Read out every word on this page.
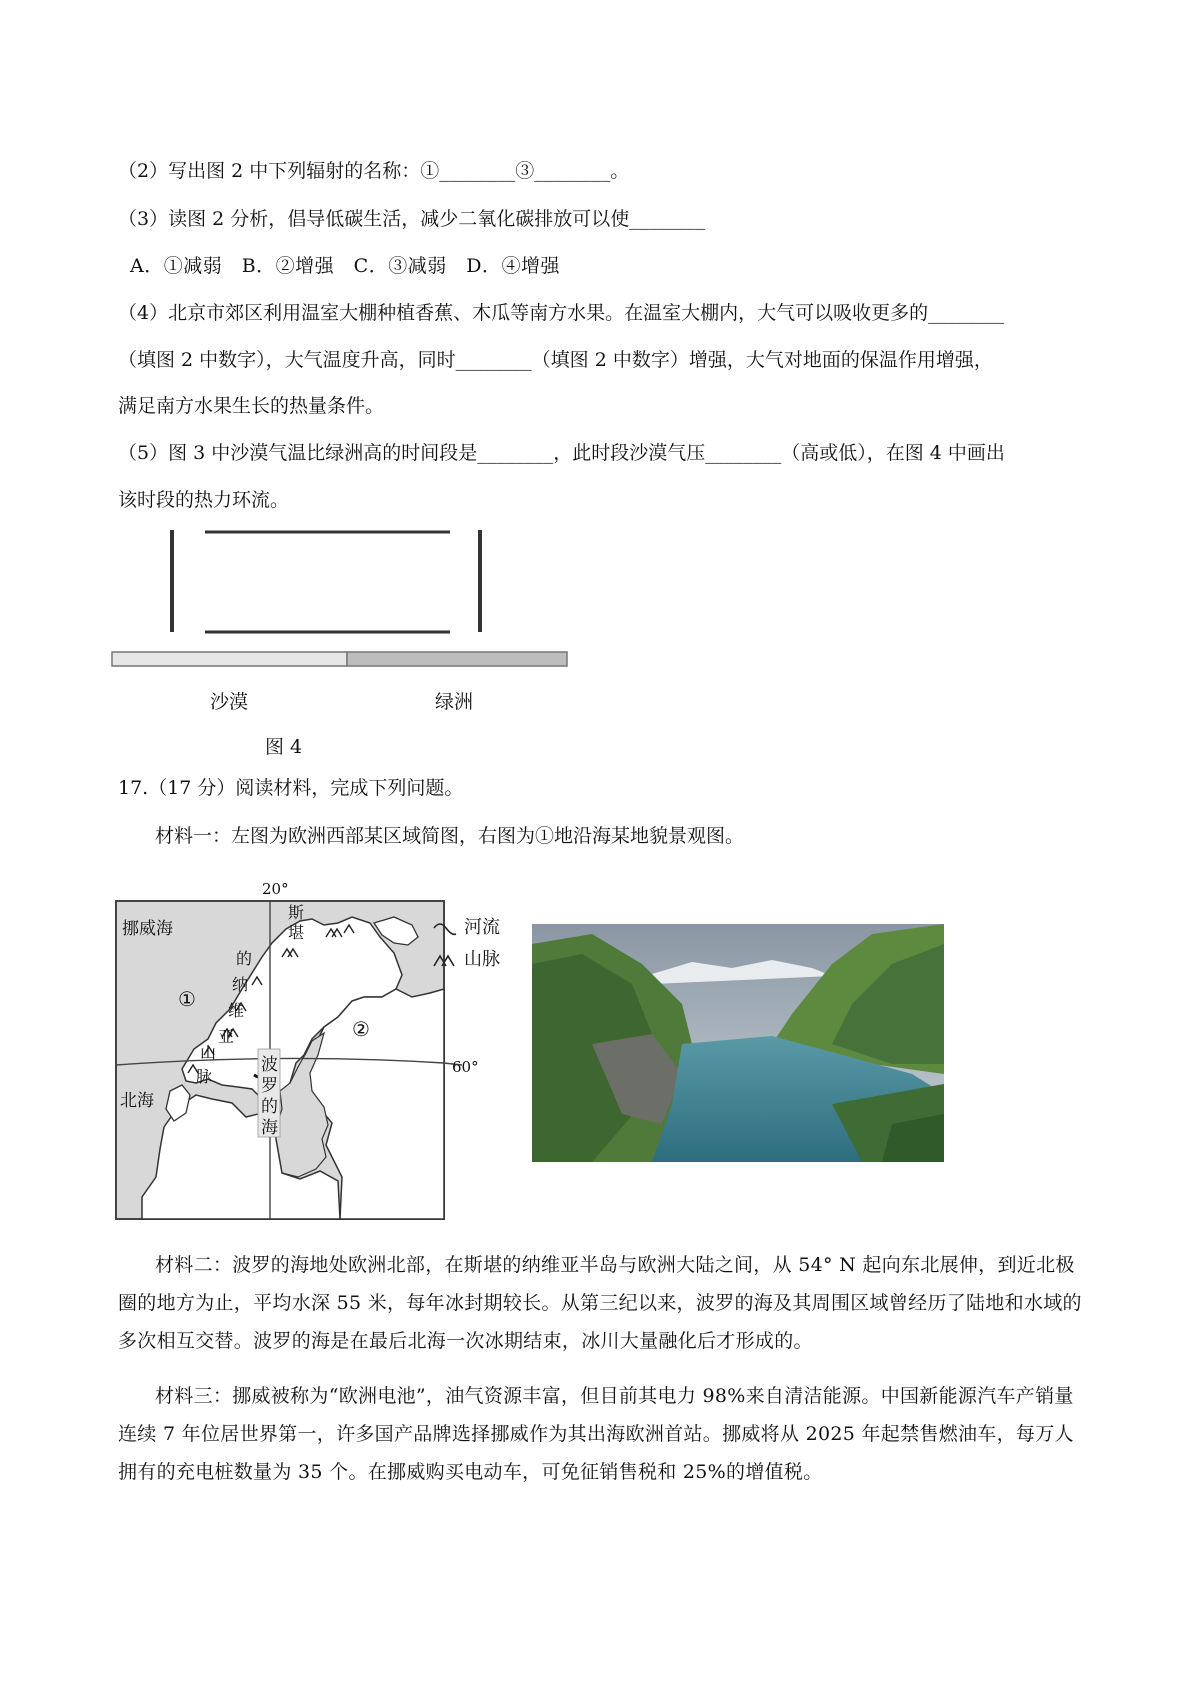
（2）写出图 2 中下列辐射的名称：①________③________。
（3）读图 2 分析，倡导低碳生活，减少二氧化碳排放可以使________
A．①减弱　B．②增强　C．③减弱　D．④增强
（4）北京市郊区利用温室大棚种植香蕉、木瓜等南方水果。在温室大棚内，大气可以吸收更多的________
（填图 2 中数字），大气温度升高，同时________（填图 2 中数字）增强，大气对地面的保温作用增强，
满足南方水果生长的热量条件。
（5）图 3 中沙漠气温比绿洲高的时间段是________，此时段沙漠气压________（高或低），在图 4 中画出
该时段的热力环流。
沙漠	绿洲
图 4
17.（17 分）阅读材料，完成下列问题。
材料一：左图为欧洲西部某区域简图，右图为①地沿海某地貌景观图。
20°
60°
挪威海
北海
①
②
波
罗
的
海
斯
堪
的
纳
维
亚
山
脉
河流
山脉
材料二：波罗的海地处欧洲北部，在斯堪的纳维亚半岛与欧洲大陆之间，从 54° N 起向东北展伸，到近北极圈的地方为止，平均水深 55 米，每年冰封期较长。从第三纪以来，波罗的海及其周围区域曾经历了陆地和水域的多次相互交替。波罗的海是在最后北海一次冰期结束，冰川大量融化后才形成的。
材料三：挪威被称为“欧洲电池”，油气资源丰富，但目前其电力 98%来自清洁能源。中国新能源汽车产销量连续 7 年位居世界第一，许多国产品牌选择挪威作为其出海欧洲首站。挪威将从 2025 年起禁售燃油车，每万人拥有的充电桩数量为 35 个。在挪威购买电动车，可免征销售税和 25%的增值税。
